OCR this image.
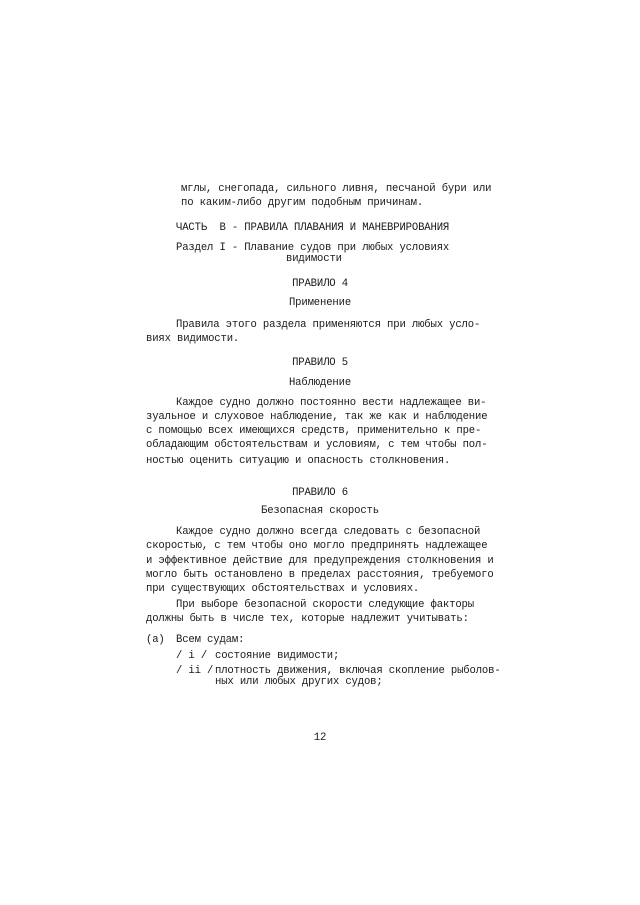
мглы, снегопада, сильного ливня, песчаной бури или
по каким-либо другим подобным причинам.
ЧАСТЬ  В - ПРАВИЛА ПЛАВАНИЯ И МАНЕВРИРОВАНИЯ
Раздел I - Плавание судов при любых условиях
видимости
ПРАВИЛО 4
Применение
Правила этого раздела применяются при любых усло-
виях видимости.
ПРАВИЛО 5
Наблюдение
Каждое судно должно постоянно вести надлежащее ви-
зуальное и слуховое наблюдение, так же как и наблюдение
с помощью всех имеющихся средств, применительно к пре-
обладающим обстоятельствам и условиям, с тем чтобы пол-
ностью оценить ситуацию и опасность столкновения.
ПРАВИЛО 6
Безопасная скорость
Каждое судно должно всегда следовать с безопасной
скоростью, с тем чтобы оно могло предпринять надлежащее
и эффективное действие для предупреждения столкновения и
могло быть остановлено в пределах расстояния, требуемого
при существующих обстоятельствах и условиях.
При выборе безопасной скорости следующие факторы
должны быть в числе тех, которые надлежит учитывать:
(a) Всем судам:
/ i / состояние видимости;
/ ii / плотность движения, включая скопление рыболов-
ных или любых других судов;
12
